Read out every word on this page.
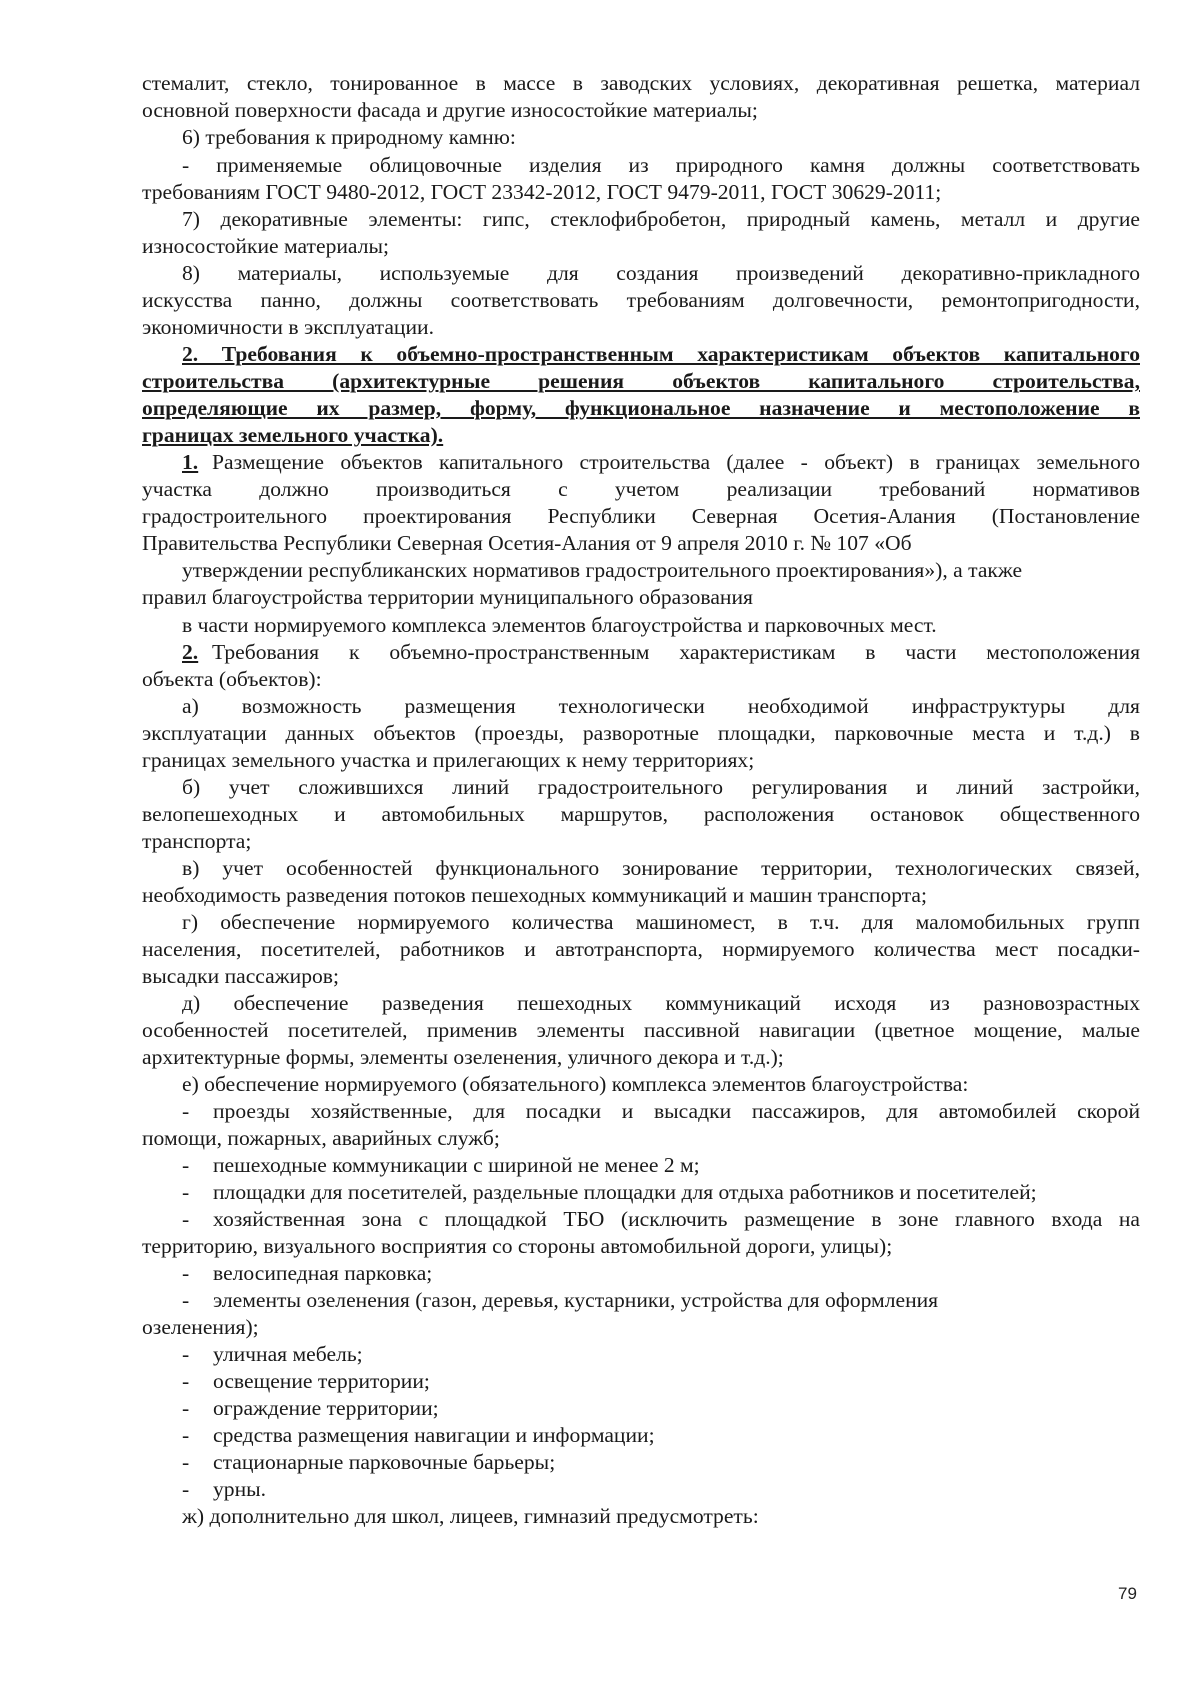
стемалит, стекло, тонированное в массе в заводских условиях, декоративная решетка, материал
основной поверхности фасада и другие износостойкие материалы;
6) требования к природному камню:
- применяемые облицовочные изделия из природного камня должны соответствовать
требованиям ГОСТ 9480-2012, ГОСТ 23342-2012, ГОСТ 9479-2011, ГОСТ 30629-2011;
7) декоративные элементы: гипс, стеклофибробетон, природный камень, металл и другие
износостойкие материалы;
8) материалы, используемые для создания произведений декоративно-прикладного
искусства панно, должны соответствовать требованиям долговечности, ремонтопригодности,
экономичности в эксплуатации.
2. Требования к объемно-пространственным характеристикам объектов капитального
строительства (архитектурные решения объектов капитального строительства,
определяющие их размер, форму, функциональное назначение и местоположение в
границах земельного участка).
1. Размещение объектов капитального строительства (далее - объект) в границах земельного
участка должно производиться с учетом реализации требований нормативов
градостроительного проектирования Республики Северная Осетия-Алания (Постановление
Правительства Республики Северная Осетия-Алания от 9 апреля 2010 г. № 107 «Об
утверждении республиканских нормативов градостроительного проектирования»), а также
правил благоустройства территории муниципального образования
в части нормируемого комплекса элементов благоустройства и парковочных мест.
2. Требования к объемно-пространственным характеристикам в части местоположения
объекта (объектов):
а) возможность размещения технологически необходимой инфраструктуры для
эксплуатации данных объектов (проезды, разворотные площадки, парковочные места и т.д.) в
границах земельного участка и прилегающих к нему территориях;
б) учет сложившихся линий градостроительного регулирования и линий застройки,
велопешеходных и автомобильных маршрутов, расположения остановок общественного
транспорта;
в) учет особенностей функционального зонирование территории, технологических связей,
необходимость разведения потоков пешеходных коммуникаций и машин транспорта;
г) обеспечение нормируемого количества машиномест, в т.ч. для маломобильных групп
населения, посетителей, работников и автотранспорта, нормируемого количества мест посадки-
высадки пассажиров;
д) обеспечение разведения пешеходных коммуникаций исходя из разновозрастных
особенностей посетителей, применив элементы пассивной навигации (цветное мощение, малые
архитектурные формы, элементы озеленения, уличного декора и т.д.);
е) обеспечение нормируемого (обязательного) комплекса элементов благоустройства:
- проезды хозяйственные, для посадки и высадки пассажиров, для автомобилей скорой
помощи, пожарных, аварийных служб;
- пешеходные коммуникации с шириной не менее 2 м;
- площадки для посетителей, раздельные площадки для отдыха работников и посетителей;
- хозяйственная зона с площадкой ТБО (исключить размещение в зоне главного входа на
территорию, визуального восприятия со стороны автомобильной дороги, улицы);
- велосипедная парковка;
- элементы озеленения (газон, деревья, кустарники, устройства для оформления
озеленения);
- уличная мебель;
- освещение территории;
- ограждение территории;
- средства размещения навигации и информации;
- стационарные парковочные барьеры;
- урны.
ж) дополнительно для школ, лицеев, гимназий предусмотреть:
79
